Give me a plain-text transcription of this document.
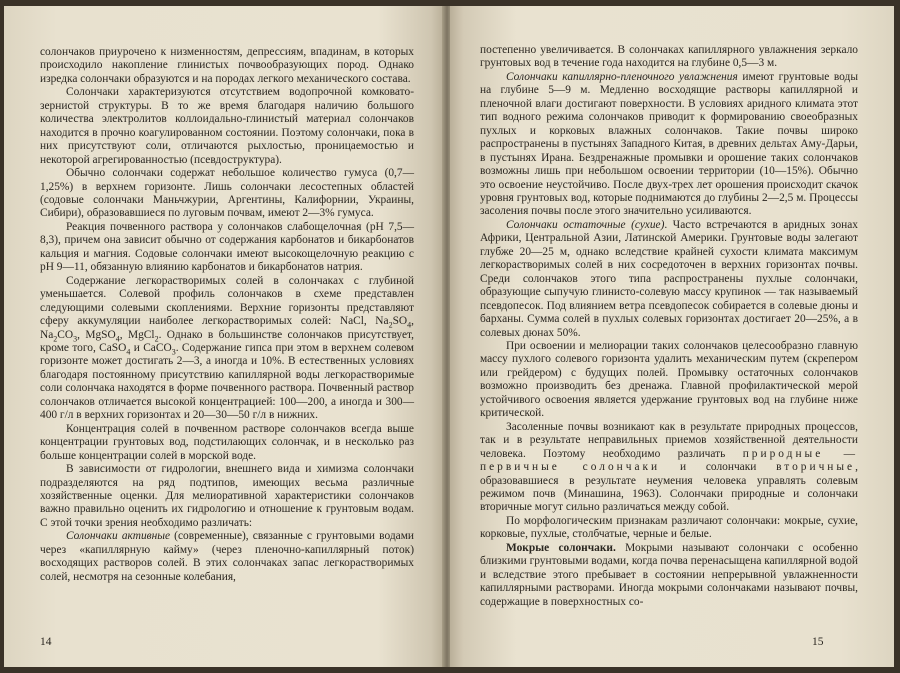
солончаков приурочено к низменностям, депрессиям, впадинам, в которых происходило накопление глинистых почвообразующих пород. Однако изредка солончаки образуются и на породах легкого механического состава.

Солончаки характеризуются отсутствием водопрочной комковато-зернистой структуры. В то же время благодаря наличию большого количества электролитов коллоидально-глинистый материал солончаков находится в прочно коагулированном состоянии. Поэтому солончаки, пока в них присутствуют соли, отличаются рыхлостью, проницаемостью и некоторой агрегированностью (псевдоструктура).

Обычно солончаки содержат небольшое количество гумуса (0,7—1,25%) в верхнем горизонте. Лишь солончаки лесостепных областей (содовые солончаки Маньчжурии, Аргентины, Калифорнии, Украины, Сибири), образовавшиеся по луговым почвам, имеют 2—3% гумуса.

Реакция почвенного раствора у солончаков слабощелочная (рН 7,5—8,3), причем она зависит обычно от содержания карбонатов и бикарбонатов кальция и магния. Содовые солончаки имеют высокощелочную реакцию с рН 9—11, обязанную влиянию карбонатов и бикарбонатов натрия.

Содержание легкорастворимых солей в солончаках с глубиной уменьшается. Солевой профиль солончаков в схеме представлен следующими солевыми скоплениями. Верхние горизонты представляют сферу аккумуляции наиболее легкорастворимых солей: NaCl, $Na_2SO_4$, $Na_2CO_3$, MgSO$_4$, MgCl$_2$. Однако в большинстве солончаков присутствует, кроме того, CaSO$_4$ и CaCO$_3$. Содержание гипса при этом в верхнем солевом горизонте может достигать 2—3, а иногда и 10%. В естественных условиях благодаря постоянному присутствию капиллярной воды легкорастворимые соли солончака находятся в форме почвенного раствора. Почвенный раствор солончаков отличается высокой концентрацией: 100—200, а иногда и 300—400 г/л в верхних горизонтах и 20—30—50 г/л в нижних.

Концентрация солей в почвенном растворе солончаков всегда выше концентрации грунтовых вод, подстилающих солончак, и в несколько раз больше концентрации солей в морской воде.

В зависимости от гидрологии, внешнего вида и химизма солончаки подразделяются на ряд подтипов, имеющих весьма различные хозяйственные оценки. Для мелиоративной характеристики солончаков важно правильно оценить их гидрологию и отношение к грунтовым водам. С этой точки зрения необходимо различать:

Солончаки активные (современные), связанные с грунтовыми водами через «капиллярную кайму» (через пленочно-капиллярный поток) восходящих растворов солей. В этих солончаках запас легкорастворимых солей, несмотря на сезонные колебания,

14

постепенно увеличивается. В солончаках капиллярного увлажнения зеркало грунтовых вод в течение года находится на глубине 0,5—3 м.

Солончаки капиллярно-пленочного увлажнения имеют грунтовые воды на глубине 5—9 м. Медленно восходящие растворы капиллярной и пленочной влаги достигают поверхности. В условиях аридного климата этот тип водного режима солончаков приводит к формированию своеобразных пухлых и корковых влажных солончаков. Такие почвы широко распространены в пустынях Западного Китая, в древних дельтах Аму-Дарьи, в пустынях Ирана. Бездренажные промывки и орошение таких солончаков возможны лишь при небольшом освоении территории (10—15%). Обычно это освоение неустойчиво. После двух-трех лет орошения происходит скачок уровня грунтовых вод, которые поднимаются до глубины 2—2,5 м. Процессы засоления почвы после этого значительно усиливаются.

Солончаки остаточные (сухие). Часто встречаются в аридных зонах Африки, Центральной Азии, Латинской Америки. Грунтовые воды залегают глубже 20—25 м, однако вследствие крайней сухости климата максимум легкорастворимых солей в них сосредоточен в верхних горизонтах почвы. Среди солончаков этого типа распространены пухлые солончаки, образующие сыпучую глинисто-солевую массу крупинок — так называемый псевдопесок. Под влиянием ветра псевдопесок собирается в солевые дюны и барханы. Сумма солей в пухлых солевых горизонтах достигает 20—25%, а в солевых дюнах 50%.

При освоении и мелиорации таких солончаков целесообразно главную массу пухлого солевого горизонта удалить механическим путем (скрепером или грейдером) с будущих полей. Промывку остаточных солончаков возможно производить без дренажа. Главной профилактической мерой устойчивого освоения является удержание грунтовых вод на глубине ниже критической.

Засоленные почвы возникают как в результате природных процессов, так и в результате неправильных приемов хозяйственной деятельности человека. Поэтому необходимо различать природные — первичные солончаки и солончаки вторичные, образовавшиеся в результате неумения человека управлять солевым режимом почв (Минашина, 1963). Солончаки природные и солончаки вторичные могут сильно различаться между собой.

По морфологическим признакам различают солончаки: мокрые, сухие, корковые, пухлые, столбчатые, черные и белые.

Мокрые солончаки. Мокрыми называют солончаки с особенно близкими грунтовыми водами, когда почва перенасыщена капиллярной водой и вследствие этого пребывает в состоянии непрерывной увлажненности капиллярными растворами. Иногда мокрыми солончаками называют почвы, содержащие в поверхностных со-

15
